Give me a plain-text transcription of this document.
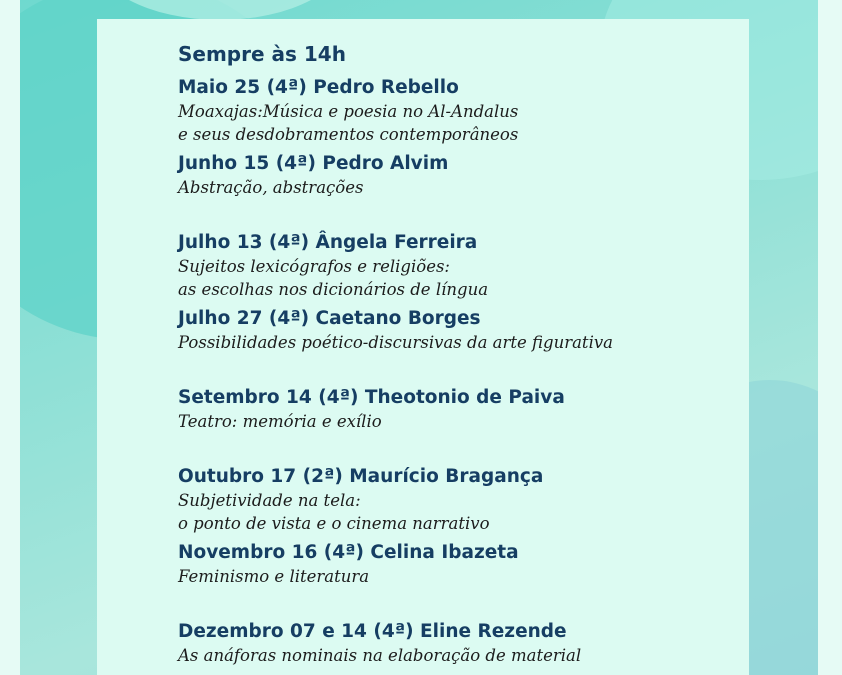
Sempre às 14h
Maio 25 (4ª) Pedro Rebello
Moaxajas:Música e poesia no Al-Andalus
e seus desdobramentos contemporâneos
Junho 15 (4ª) Pedro Alvim
Abstração, abstrações
Julho 13 (4ª) Ângela Ferreira
Sujeitos lexicógrafos e religiões:
as escolhas nos dicionários de língua
Julho 27 (4ª) Caetano Borges
Possibilidades poético-discursivas da arte figurativa
Setembro 14 (4ª) Theotonio de Paiva
Teatro: memória e exílio
Outubro 17 (2ª) Maurício Bragança
Subjetividade na tela:
o ponto de vista e o cinema narrativo
Novembro 16 (4ª) Celina Ibazeta
Feminismo e literatura
Dezembro 07 e 14 (4ª) Eline Rezende
As anáforas nominais na elaboração de material
